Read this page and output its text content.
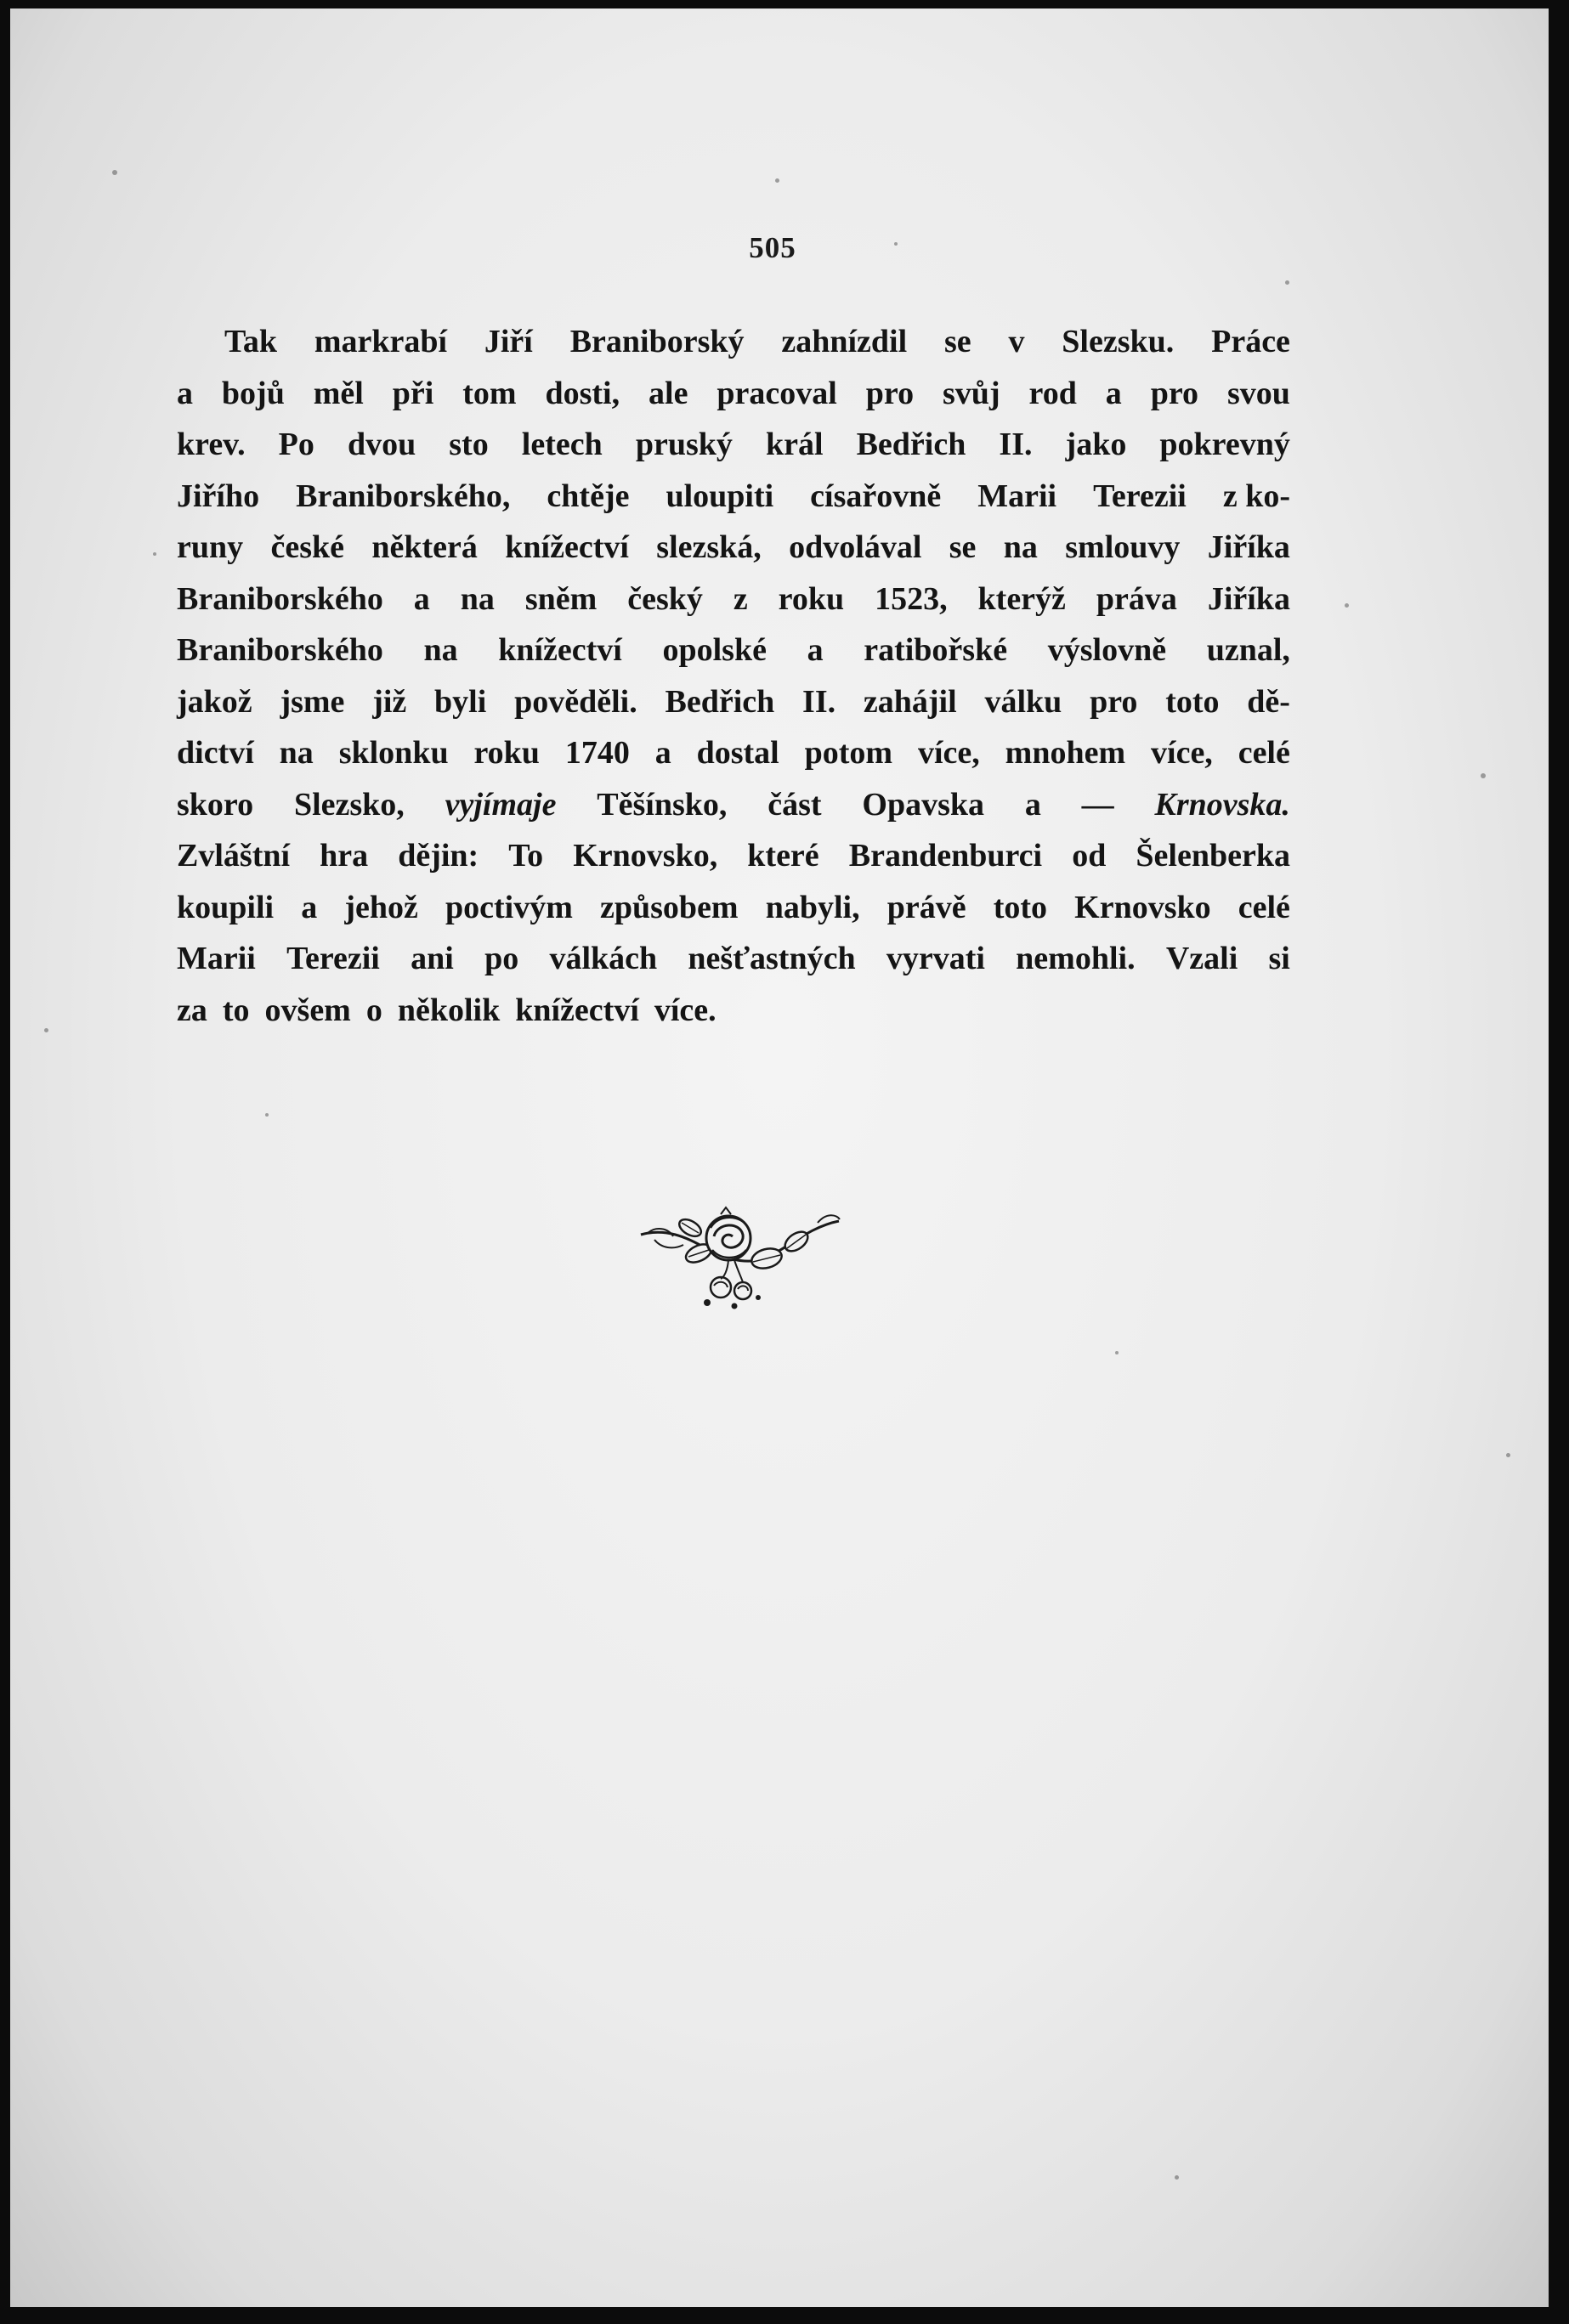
505
Tak markrabí Jiří Braniborský zahnízdil se v Slezsku. Práce
a bojů měl při tom dosti, ale pracoval pro svůj rod a pro svou
krev. Po dvou sto letech pruský král Bedřich II. jako pokrevný
Jiřího Braniborského, chtěje uloupiti císařovně Marii Terezii z ko-
runy české některá knížectví slezská, odvolával se na smlouvy Jiříka
Braniborského a na sněm český z roku 1523, kterýž práva Jiříka
Braniborského na knížectví opolské a ratibořské výslovně uznal,
jakož jsme již byli pověděli. Bedřich II. zahájil válku pro toto dě-
dictví na sklonku roku 1740 a dostal potom více, mnohem více, celé
skoro Slezsko, vyjímaje Těšínsko, část Opavska a — Krnovska.
Zvláštní hra dějin: To Krnovsko, které Brandenburci od Šelenberka
koupili a jehož poctivým způsobem nabyli, právě toto Krnovsko celé
Marii Terezii ani po válkách nešťastných vyrvati nemohli. Vzali si
za to ovšem o několik knížectví více.
